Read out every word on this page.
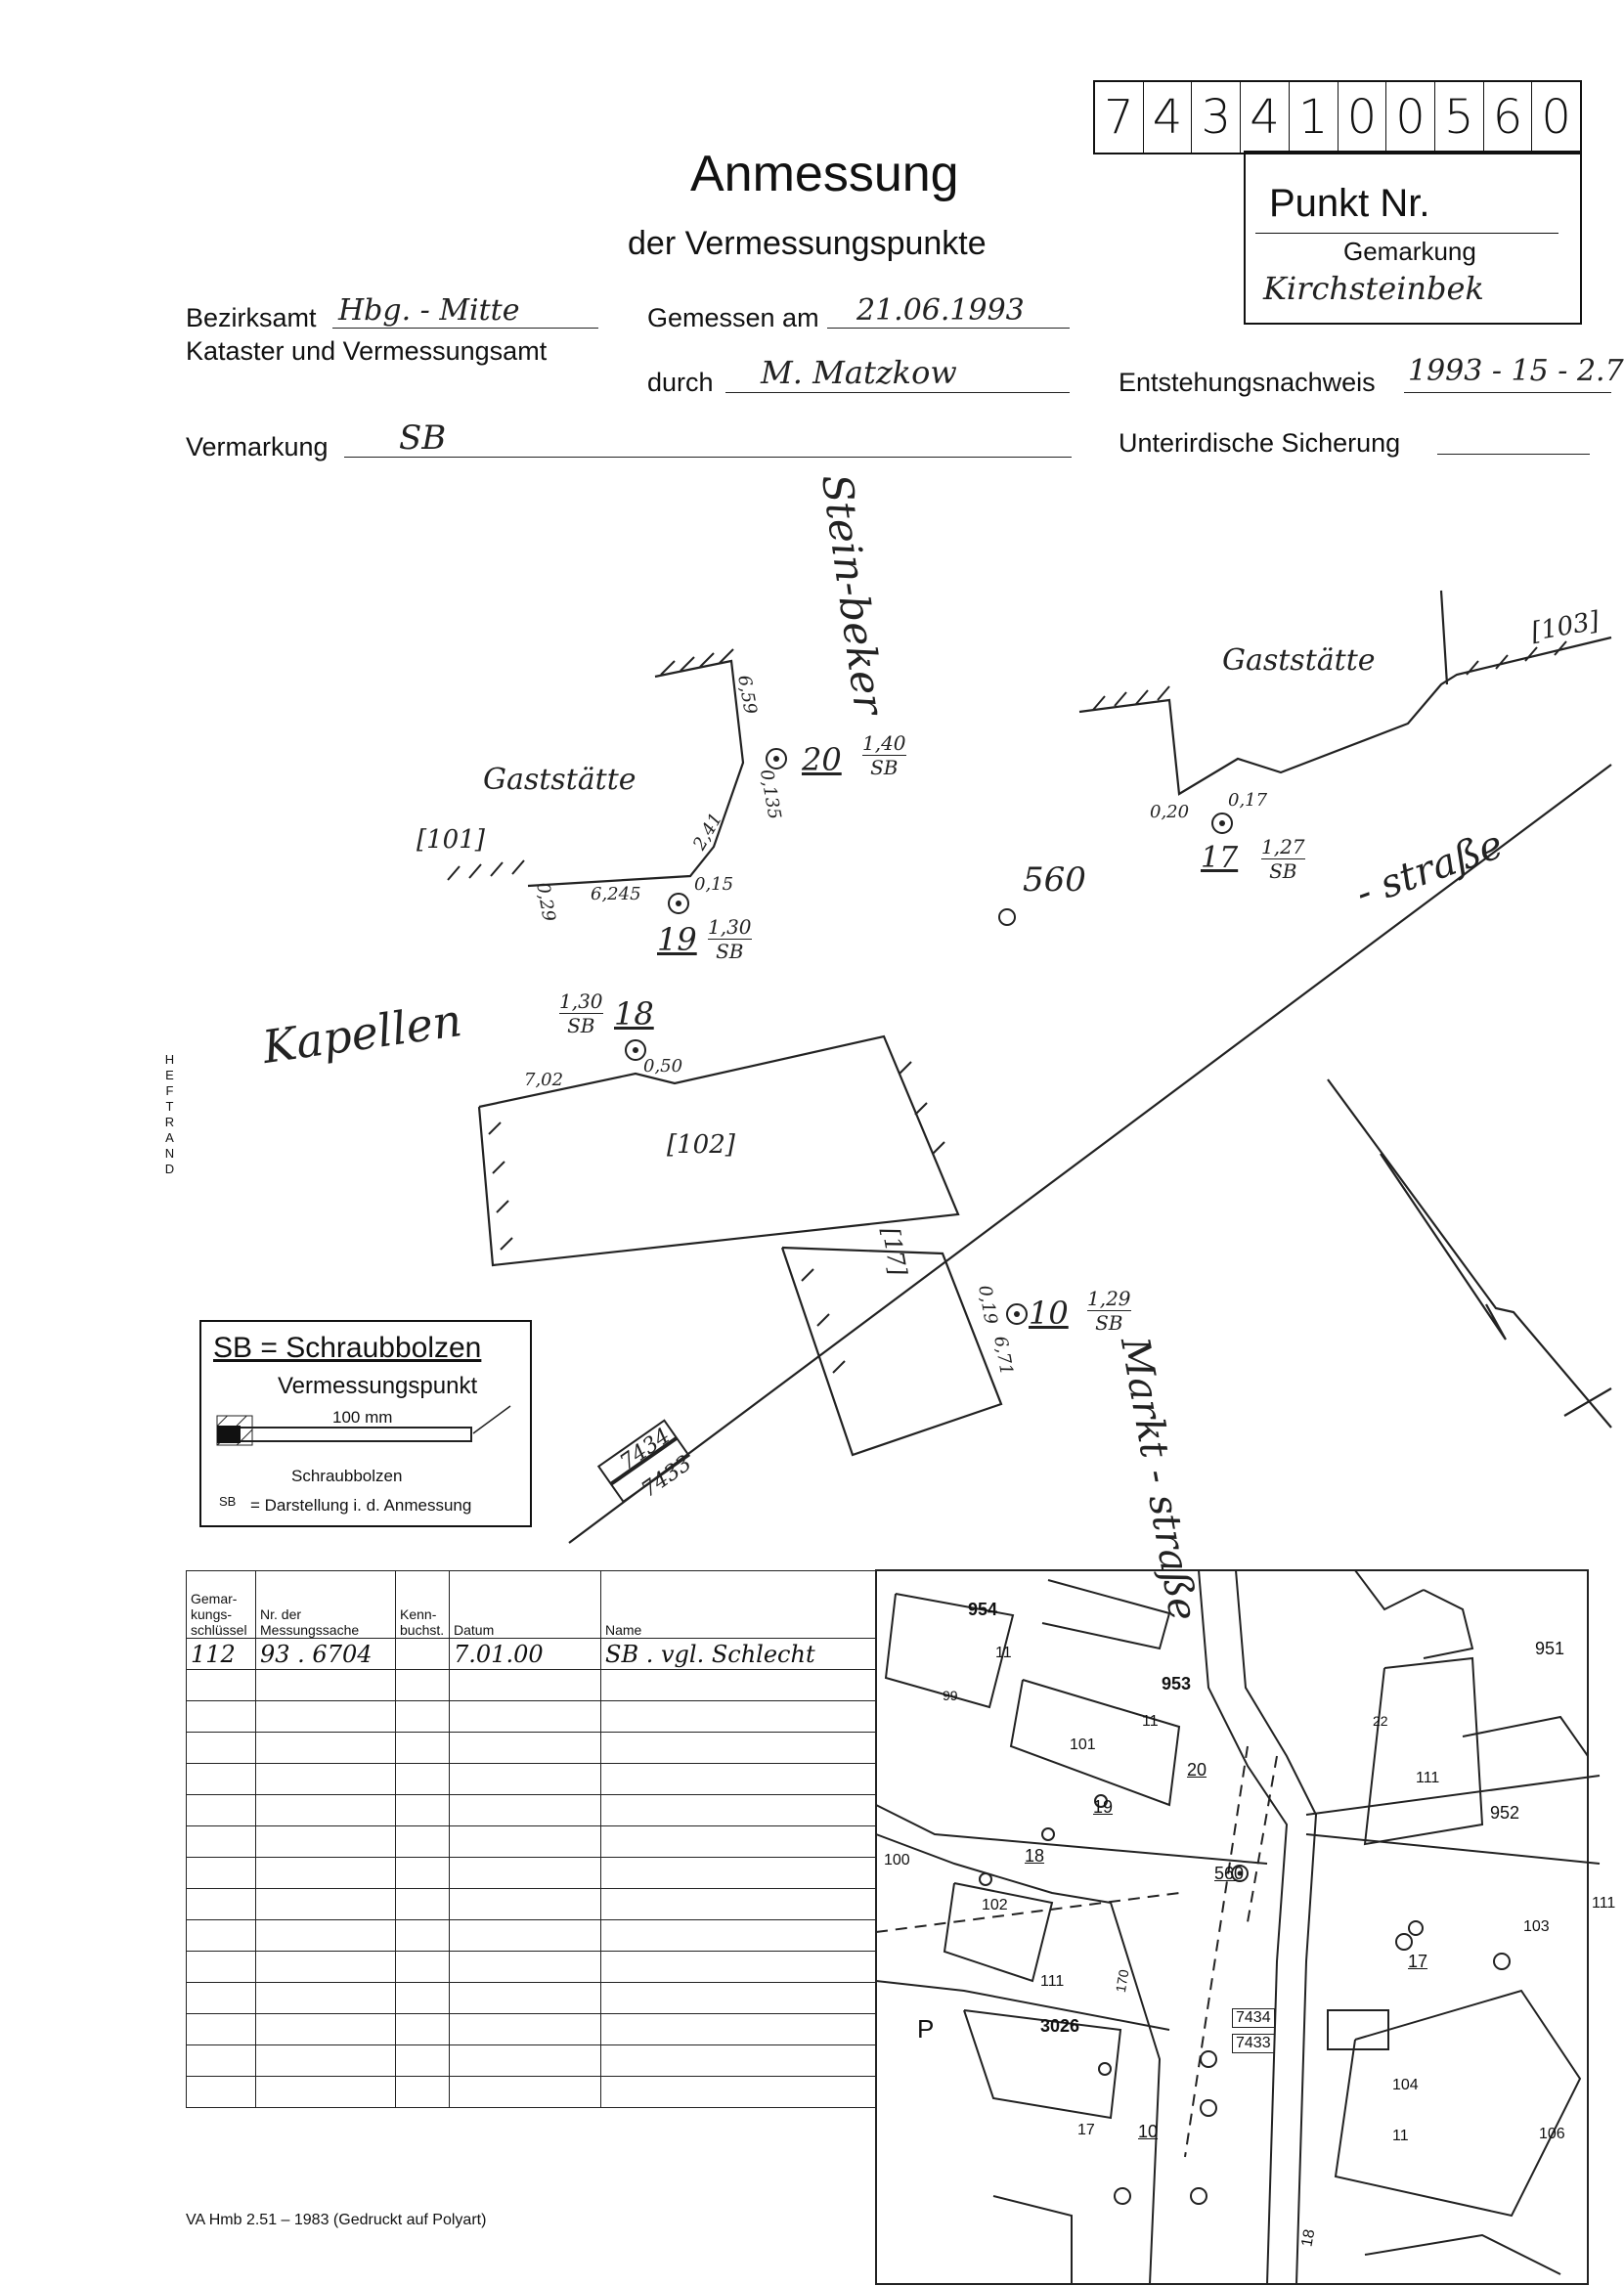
7 4 3 4 1 0 0 5 6 0
Punkt Nr.
Gemarkung
Kirchsteinbek
Anmessung
der Vermessungspunkte
Bezirksamt Hbg. - Mitte
Kataster und Vermessungsamt
Gemessen am	21.06.1993
durch	M. Matzkow	Entstehungsnachweis 1993 - 15 - 2.7
Vermarkung	SB	Unterirdische Sicherung
Stein-beker
- straße
Kapellen
Markt - straße
Gaststätte
Gaststätte
[101]
[102]
[103]
[17]
560
20 1,40
SB
19 1,30
SB
18
1,30
SB
17 1,27
SB
10 1,29
SB
6,59
0,135
2,41
6,245	0,15
0,29
7,02
0,50
0,20
0,17
0,19
6,71
7434
7433
HEFTRAND
SB = Schraubbolzen
Vermessungspunkt
100 mm
Schraubbolzen
SB = Darstellung i. d. Anmessung
Gemar-kungs-schlüssel	Nr. der Messungssache	Kenn-buchst.	Datum	Name
112	93 . 6704		7.01.00	SB . vgl. Schlecht

VA Hmb 2.51 – 1983 (Gedruckt auf Polyart)
954
953
951
952
101
100
102
103
104
106
3026
170
99
22
11
11
111
111
111
11
17
18
P
19
20
18
560
17
10
7434
7433
